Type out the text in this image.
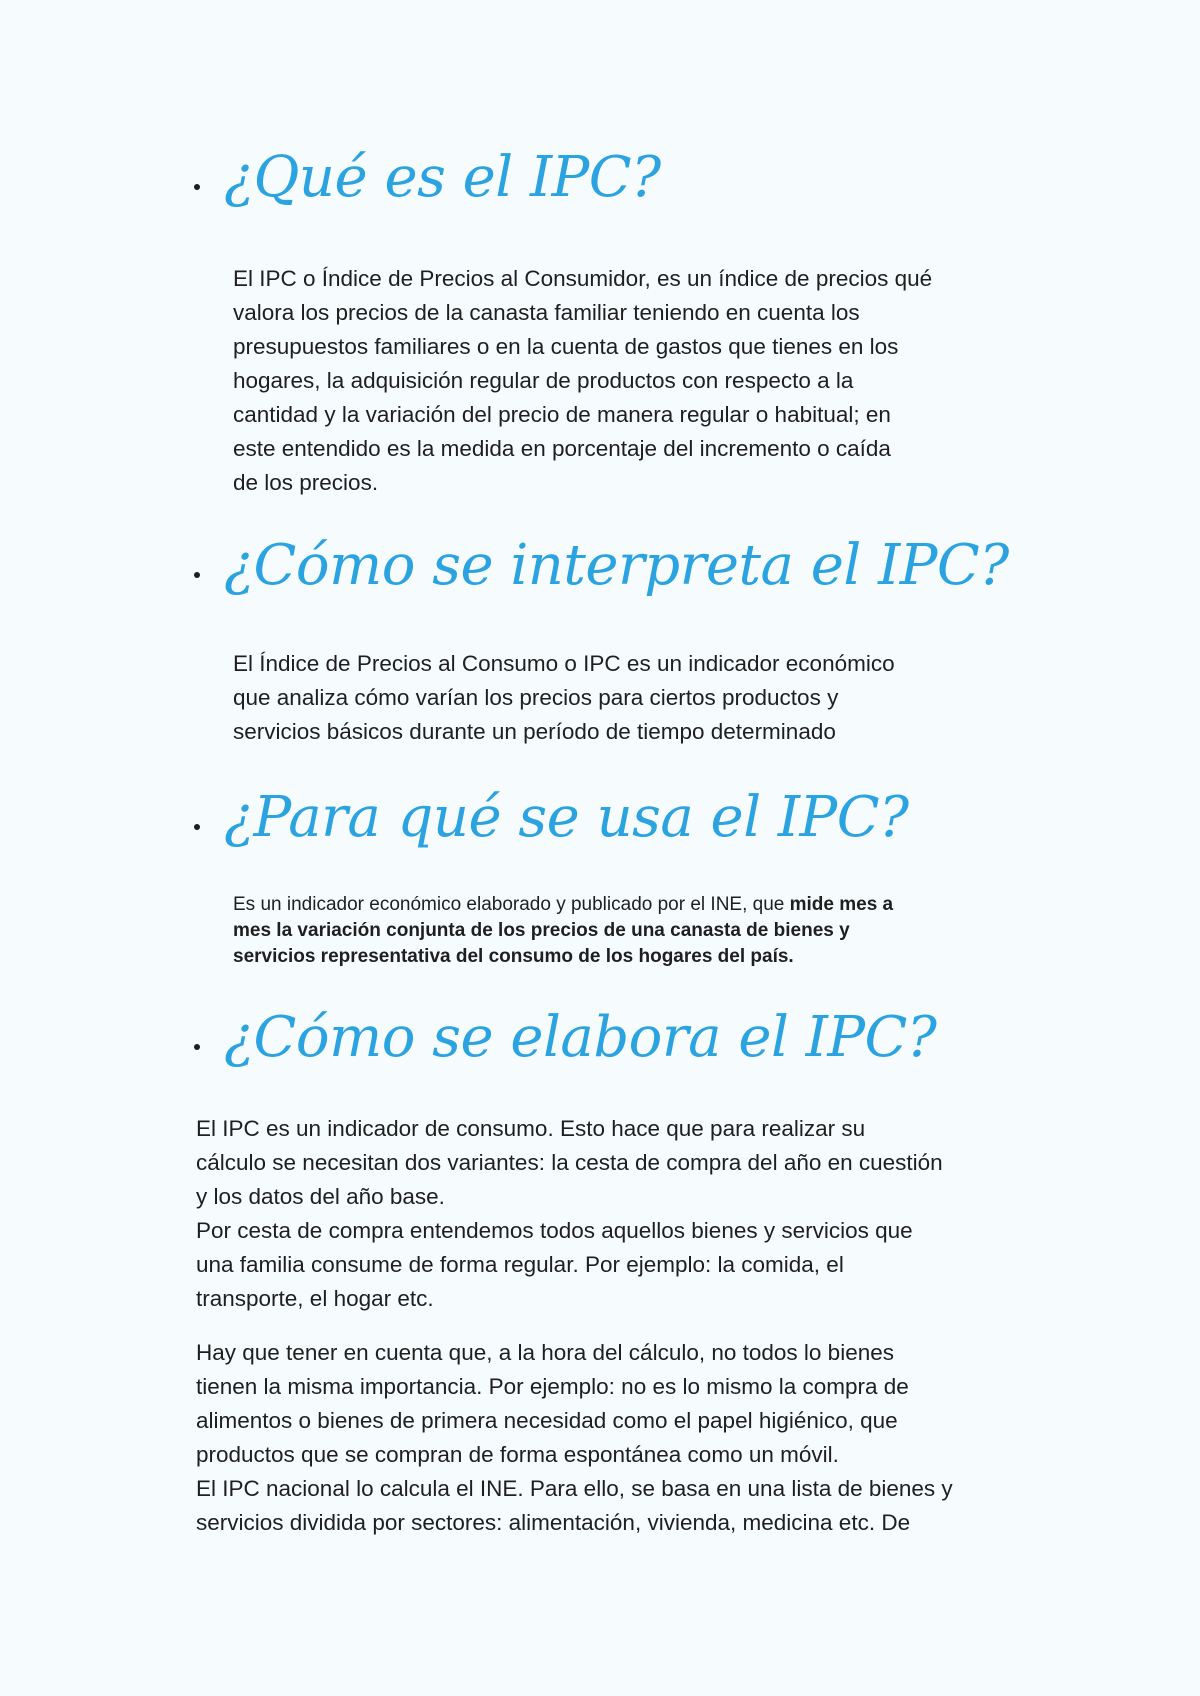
¿Qué es el IPC?
El IPC o Índice de Precios al Consumidor, es un índice de precios qué
valora los precios de la canasta familiar teniendo en cuenta los
presupuestos familiares o en la cuenta de gastos que tienes en los
hogares, la adquisición regular de productos con respecto a la
cantidad y la variación del precio de manera regular o habitual; en
este entendido es la medida en porcentaje del incremento o caída
de los precios.
¿Cómo se interpreta el IPC?
El Índice de Precios al Consumo o IPC es un indicador económico
que analiza cómo varían los precios para ciertos productos y
servicios básicos durante un período de tiempo determinado
¿Para qué se usa el IPC?
Es un indicador económico elaborado y publicado por el INE, que mide mes a
mes la variación conjunta de los precios de una canasta de bienes y
servicios representativa del consumo de los hogares del país.
¿Cómo se elabora el IPC?
El IPC es un indicador de consumo. Esto hace que para realizar su
cálculo se necesitan dos variantes: la cesta de compra del año en cuestión
y los datos del año base.
Por cesta de compra entendemos todos aquellos bienes y servicios que
una familia consume de forma regular. Por ejemplo: la comida, el
transporte, el hogar etc.
Hay que tener en cuenta que, a la hora del cálculo, no todos lo bienes
tienen la misma importancia. Por ejemplo: no es lo mismo la compra de
alimentos o bienes de primera necesidad como el papel higiénico, que
productos que se compran de forma espontánea como un móvil.
El IPC nacional lo calcula el INE. Para ello, se basa en una lista de bienes y
servicios dividida por sectores: alimentación, vivienda, medicina etc. De
